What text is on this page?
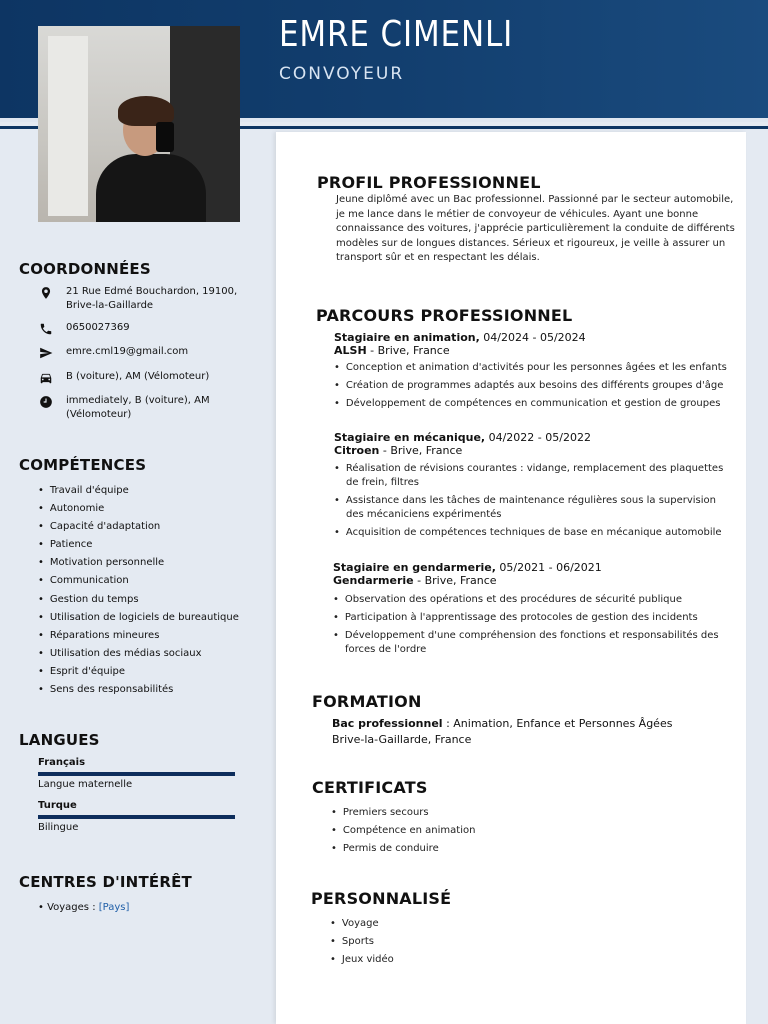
EMRE CIMENLI
CONVOYEUR
COORDONNÉES
21 Rue Edmé Bouchardon, 19100,
Brive-la-Gaillarde
0650027369
emre.cml19@gmail.com
B (voiture), AM (Vélomoteur)
immediately, B (voiture), AM
(Vélomoteur)
COMPÉTENCES
• Travail d'équipe
• Autonomie
• Capacité d'adaptation
• Patience
• Motivation personnelle
• Communication
• Gestion du temps
• Utilisation de logiciels de bureautique
• Réparations mineures
• Utilisation des médias sociaux
• Esprit d'équipe
• Sens des responsabilités
LANGUES
Français
Langue maternelle
Turque
Bilingue
CENTRES D'INTÉRÊT
• Voyages : [Pays]
PROFIL PROFESSIONNEL
Jeune diplômé avec un Bac professionnel. Passionné par le secteur automobile, je me lance dans le métier de convoyeur de véhicules. Ayant une bonne connaissance des voitures, j'apprécie particulièrement la conduite de différents modèles sur de longues distances. Sérieux et rigoureux, je veille à assurer un transport sûr et en respectant les délais.
PARCOURS PROFESSIONNEL
Stagiaire en animation, 04/2024 - 05/2024
ALSH - Brive, France
• Conception et animation d'activités pour les personnes âgées et les enfants
• Création de programmes adaptés aux besoins des différents groupes d'âge
• Développement de compétences en communication et gestion de groupes
Stagiaire en mécanique, 04/2022 - 05/2022
Citroen - Brive, France
• Réalisation de révisions courantes : vidange, remplacement des plaquettes de frein, filtres
• Assistance dans les tâches de maintenance régulières sous la supervision des mécaniciens expérimentés
• Acquisition de compétences techniques de base en mécanique automobile
Stagiaire en gendarmerie, 05/2021 - 06/2021
Gendarmerie - Brive, France
• Observation des opérations et des procédures de sécurité publique
• Participation à l'apprentissage des protocoles de gestion des incidents
• Développement d'une compréhension des fonctions et responsabilités des forces de l'ordre
FORMATION
Bac professionnel : Animation, Enfance et Personnes Âgées
Brive-la-Gaillarde, France
CERTIFICATS
• Premiers secours
• Compétence en animation
• Permis de conduire
PERSONNALISÉ
• Voyage
• Sports
• Jeux vidéo
